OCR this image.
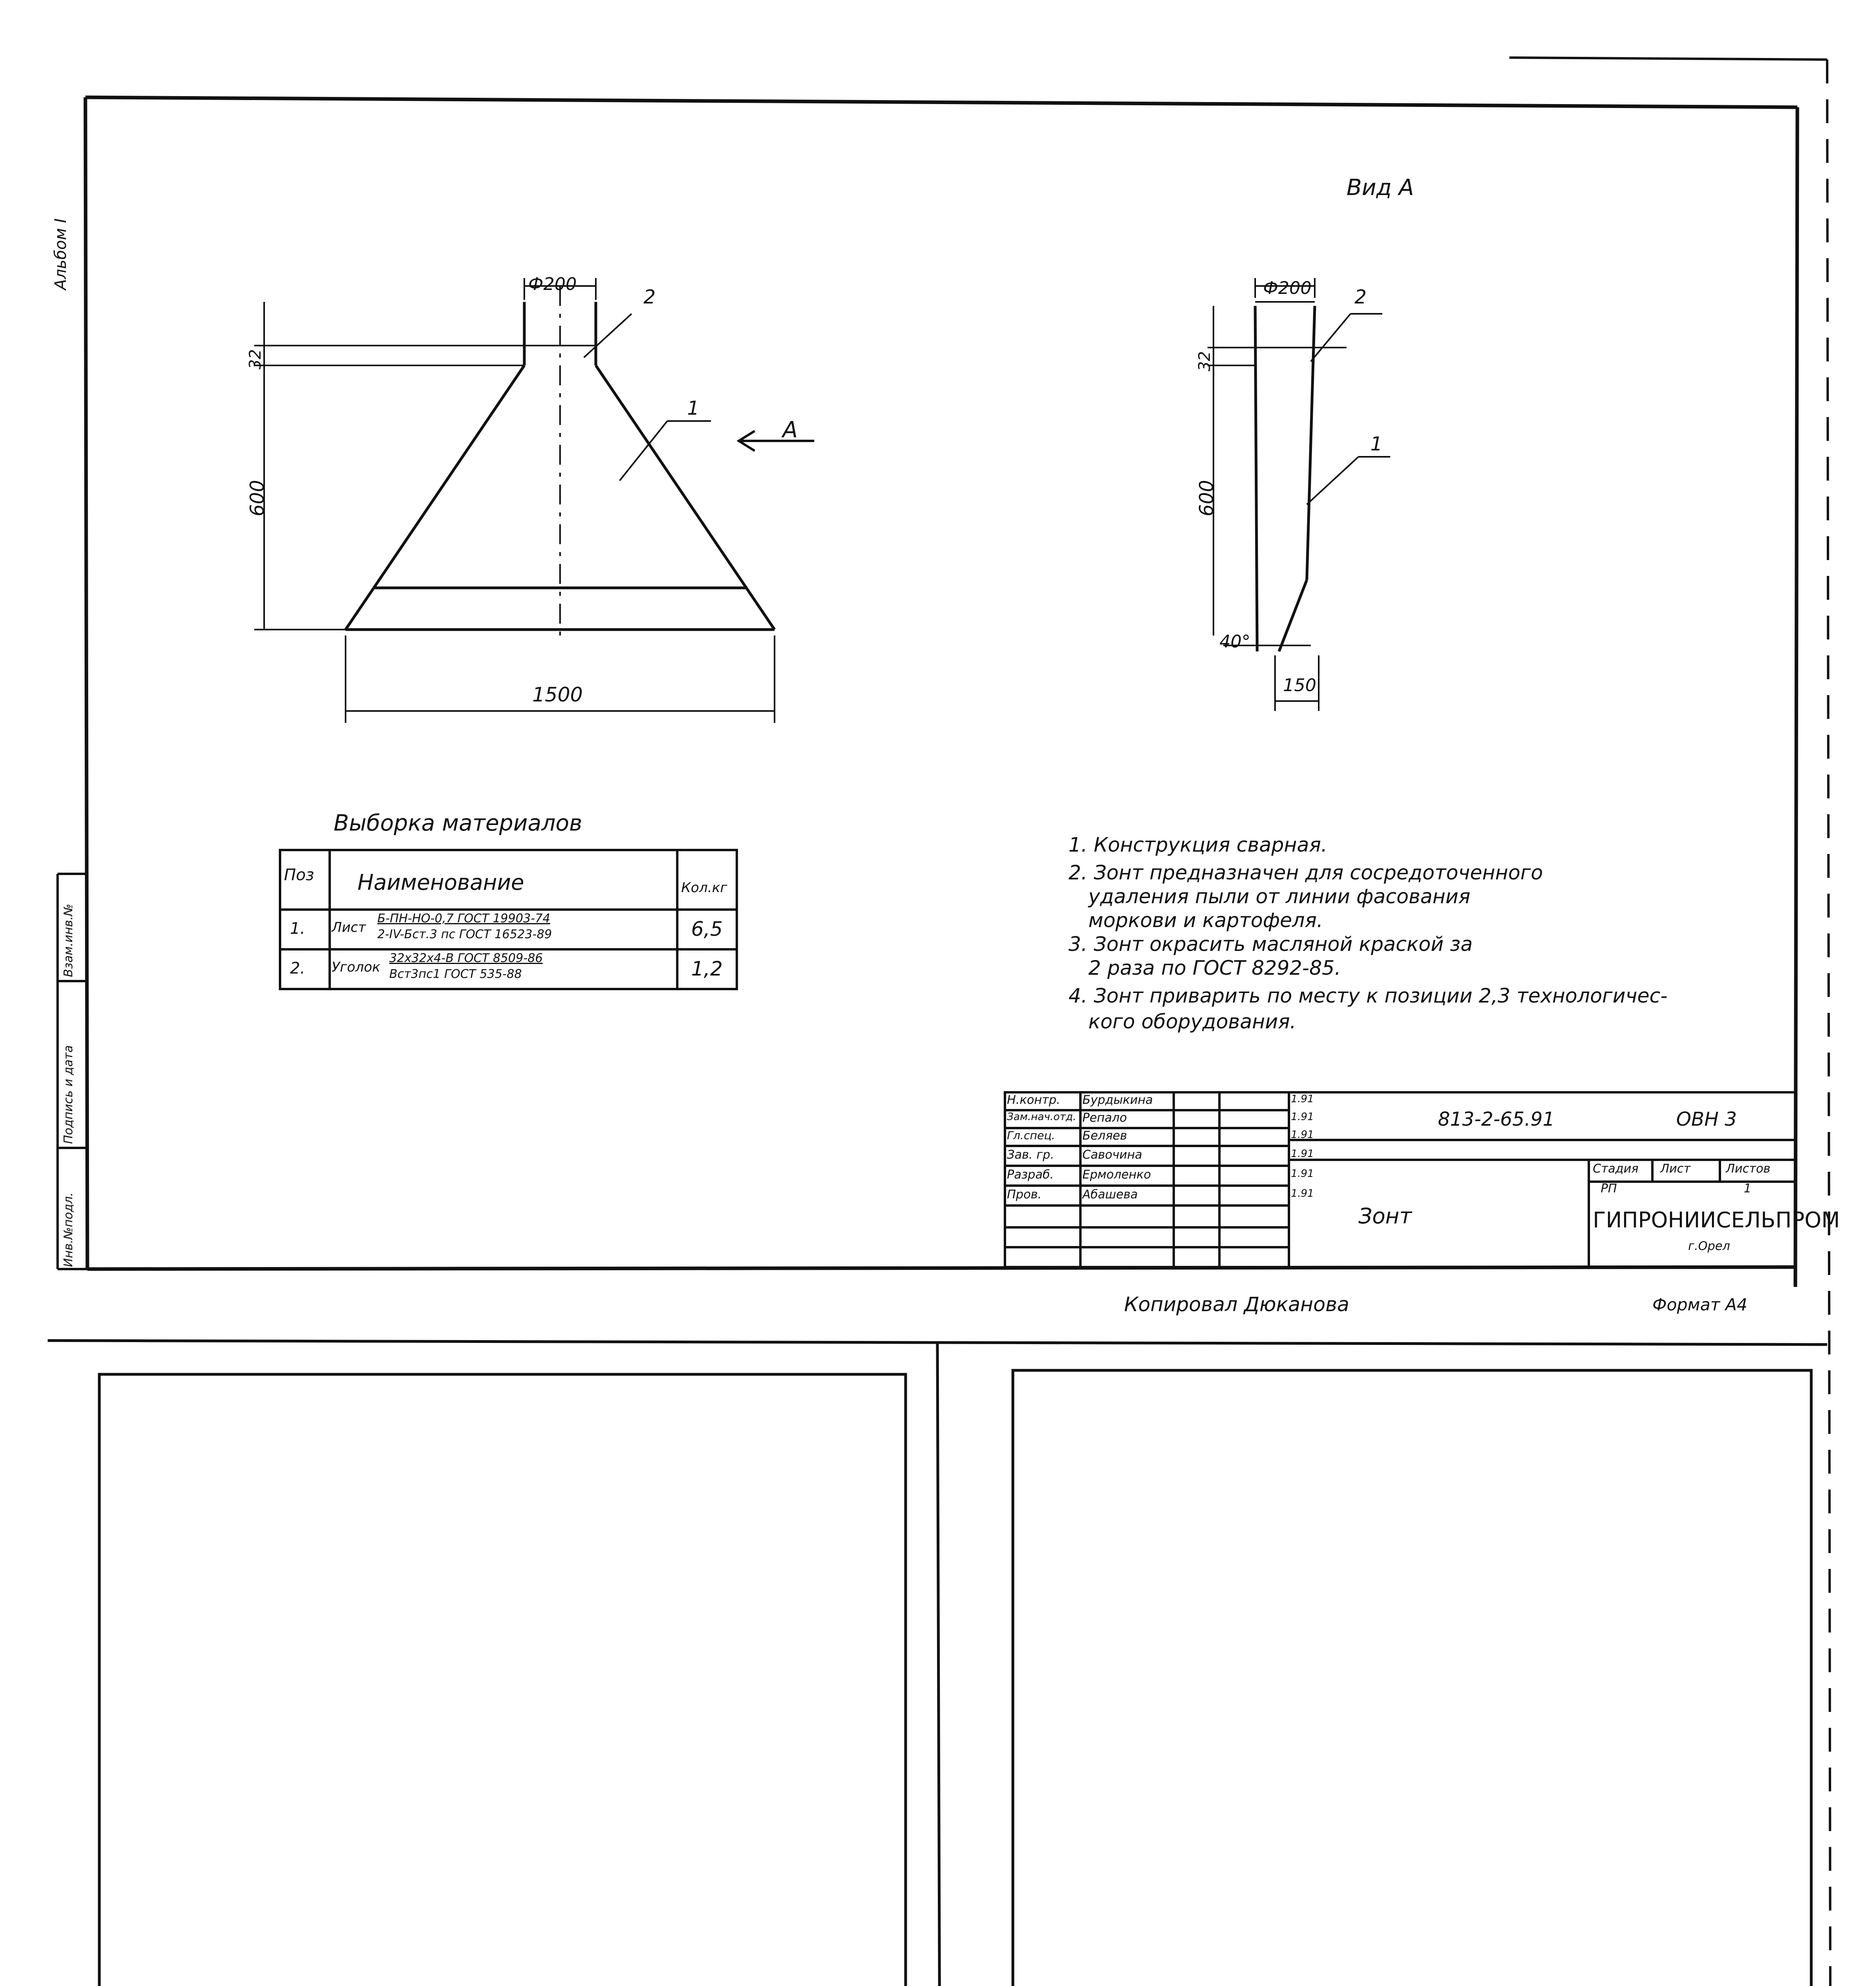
Вид А
Ф200
2
1
А
32
600
1500
Ф200 2
1
32
600
40°
150
Выборка материалов
Поз Наименование	Кол.кг
1. Лист
Б-ПН-НО-0,7 ГОСТ 19903-74
2-IV-Бст.3 пс ГОСТ 16523-89	6,5
2. Уголок
32х32х4-В ГОСТ 8509-86
Вст3пс1 ГОСТ 535-88	1,2
1. Конструкция сварная.
2. Зонт предназначен для сосредоточенного
удаления пыли от линии фасования
моркови и картофеля.
3. Зонт окрасить масляной краской за
2 раза по ГОСТ 8292-85.
4. Зонт приварить по месту к позиции 2,3 технологичес-
кого оборудования.
813-2-65.91	ОВН 3
Зонт
Стадия Лист	Листов
РП	1
ГИПРОНИИСЕЛЬПРОМ
г.Орел
Н.контр. Бурдыкина	1.91
Зам.нач.отд. Репало	1.91
Гл.спец. Беляев	1.91
Зав. гр. Савочина	1.91
Разраб. Ермоленко	1.91
Пров.	Абашева	1.91
Альбом I
Инв.№подл.
Подпись и дата
Взам.инв.№
Копировал Дюканова	Формат А4
